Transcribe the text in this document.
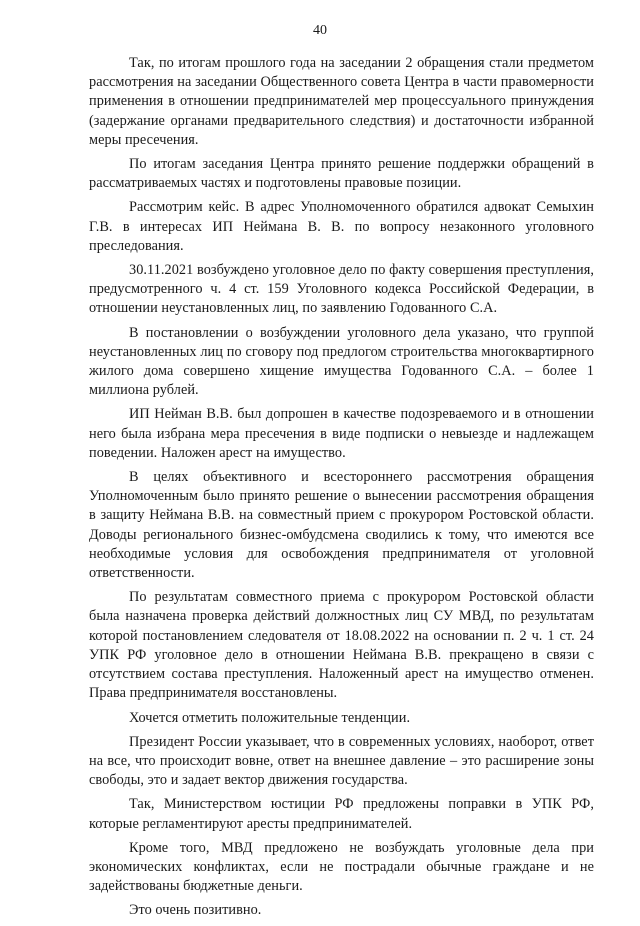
40

Так, по итогам прошлого года на заседании 2 обращения стали предметом рассмотрения на заседании Общественного совета Центра в части правомерности применения в отношении предпринимателей мер процессуального принуждения (задержание органами предварительного следствия) и достаточности избранной меры пресечения.

По итогам заседания Центра принято решение поддержки обращений в рассматриваемых частях и подготовлены правовые позиции.

Рассмотрим кейс. В адрес Уполномоченного обратился адвокат Семыхин Г.В. в интересах ИП Неймана В. В. по вопросу незаконного уголовного преследования.

30.11.2021 возбуждено уголовное дело по факту совершения преступления, предусмотренного ч. 4 ст. 159 Уголовного кодекса Российской Федерации, в отношении неустановленных лиц, по заявлению Годованного С.А.

В постановлении о возбуждении уголовного дела указано, что группой неустановленных лиц по сговору под предлогом строительства многоквартирного жилого дома совершено хищение имущества Годованного С.А. – более 1 миллиона рублей.

ИП Нейман В.В. был допрошен в качестве подозреваемого и в отношении него была избрана мера пресечения в виде подписки о невыезде и надлежащем поведении. Наложен арест на имущество.

В целях объективного и всестороннего рассмотрения обращения Уполномоченным было принято решение о вынесении рассмотрения обращения в защиту Неймана В.В. на совместный прием с прокурором Ростовской области. Доводы регионального бизнес-омбудсмена сводились к тому, что имеются все необходимые условия для освобождения предпринимателя от уголовной ответственности.

По результатам совместного приема с прокурором Ростовской области была назначена проверка действий должностных лиц СУ МВД, по результатам которой постановлением следователя от 18.08.2022 на основании п. 2 ч. 1 ст. 24 УПК РФ уголовное дело в отношении Неймана В.В. прекращено в связи с отсутствием состава преступления. Наложенный арест на имущество отменен. Права предпринимателя восстановлены.

Хочется отметить положительные тенденции.

Президент России указывает, что в современных условиях, наоборот, ответ на все, что происходит вовне, ответ на внешнее давление – это расширение зоны свободы, это и задает вектор движения государства.

Так, Министерством юстиции РФ предложены поправки в УПК РФ, которые регламентируют аресты предпринимателей.

Кроме того, МВД предложено не возбуждать уголовные дела при экономических конфликтах, если не пострадали обычные граждане и не задействованы бюджетные деньги.

Это очень позитивно.
